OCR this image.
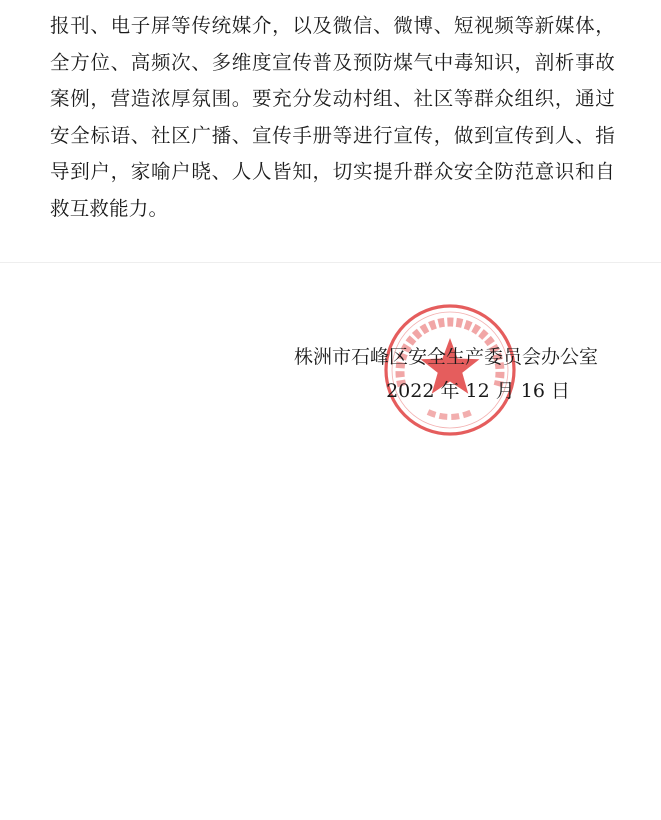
报刊、电子屏等传统媒介，以及微信、微博、短视频等新媒体，
全方位、高频次、多维度宣传普及预防煤气中毒知识，剖析事故
案例，营造浓厚氛围。要充分发动村组、社区等群众组织，通过
安全标语、社区广播、宣传手册等进行宣传，做到宣传到人、指
导到户，家喻户晓、人人皆知，切实提升群众安全防范意识和自
救互救能力。
株洲市石峰区安全生产委员会办公室
2022 年 12 月 16 日
